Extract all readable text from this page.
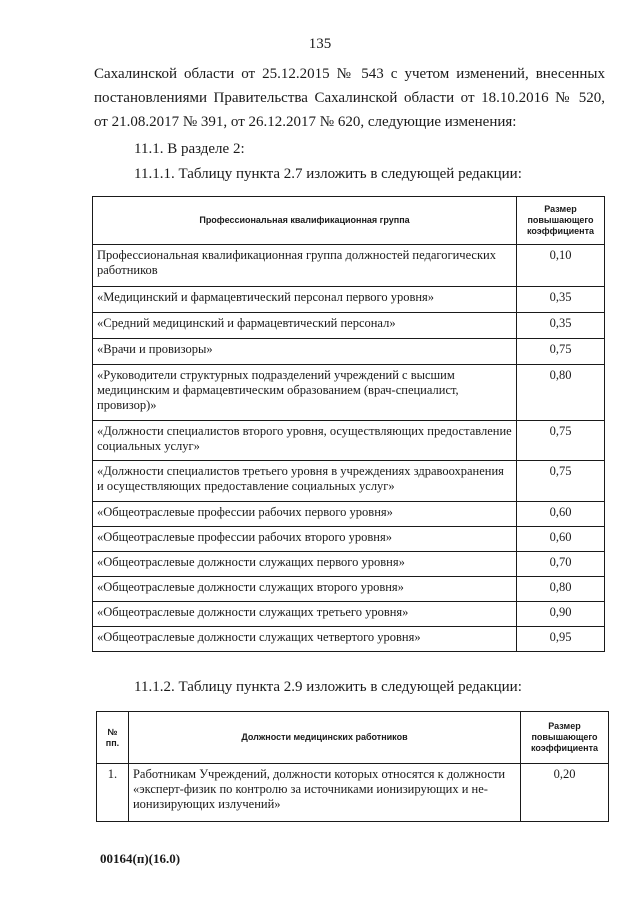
135
Сахалинской области от 25.12.2015 № 543 с учетом изменений, внесенных
постановлениями Правительства Сахалинской области от 18.10.2016 № 520,
от 21.08.2017 № 391, от 26.12.2017 № 620, следующие изменения:
11.1. В разделе 2:
11.1.1. Таблицу пункта 2.7 изложить в следующей редакции:
Профессиональная квалификационная группа	Размер повышающего коэффициента
Профессиональная квалификационная группа должностей педагогических работников	0,10
«Медицинский и фармацевтический персонал первого уровня»	0,35
«Средний медицинский и фармацевтический персонал»	0,35
«Врачи и провизоры»	0,75
«Руководители структурных подразделений учреждений с высшим медицинским и фармацевтическим образованием (врач-специалист, провизор)»	0,80
«Должности специалистов второго уровня, осуществляющих предоставление социальных услуг»	0,75
«Должности специалистов третьего уровня в учреждениях здравоохранения и осуществляющих предоставление социальных услуг»	0,75
«Общеотраслевые профессии рабочих первого уровня»	0,60
«Общеотраслевые профессии рабочих второго уровня»	0,60
«Общеотраслевые должности служащих первого уровня»	0,70
«Общеотраслевые должности служащих второго уровня»	0,80
«Общеотраслевые должности служащих третьего уровня»	0,90
«Общеотраслевые должности служащих четвертого уровня»	0,95
11.1.2. Таблицу пункта 2.9 изложить в следующей редакции:
№ пп.	Должности медицинских работников	Размер повышающего коэффициента
1.	Работникам Учреждений, должности которых относятся к должности «эксперт-физик по контролю за источниками ионизирующих и не-ионизирующих излучений»	0,20
00164(п)(16.0)
